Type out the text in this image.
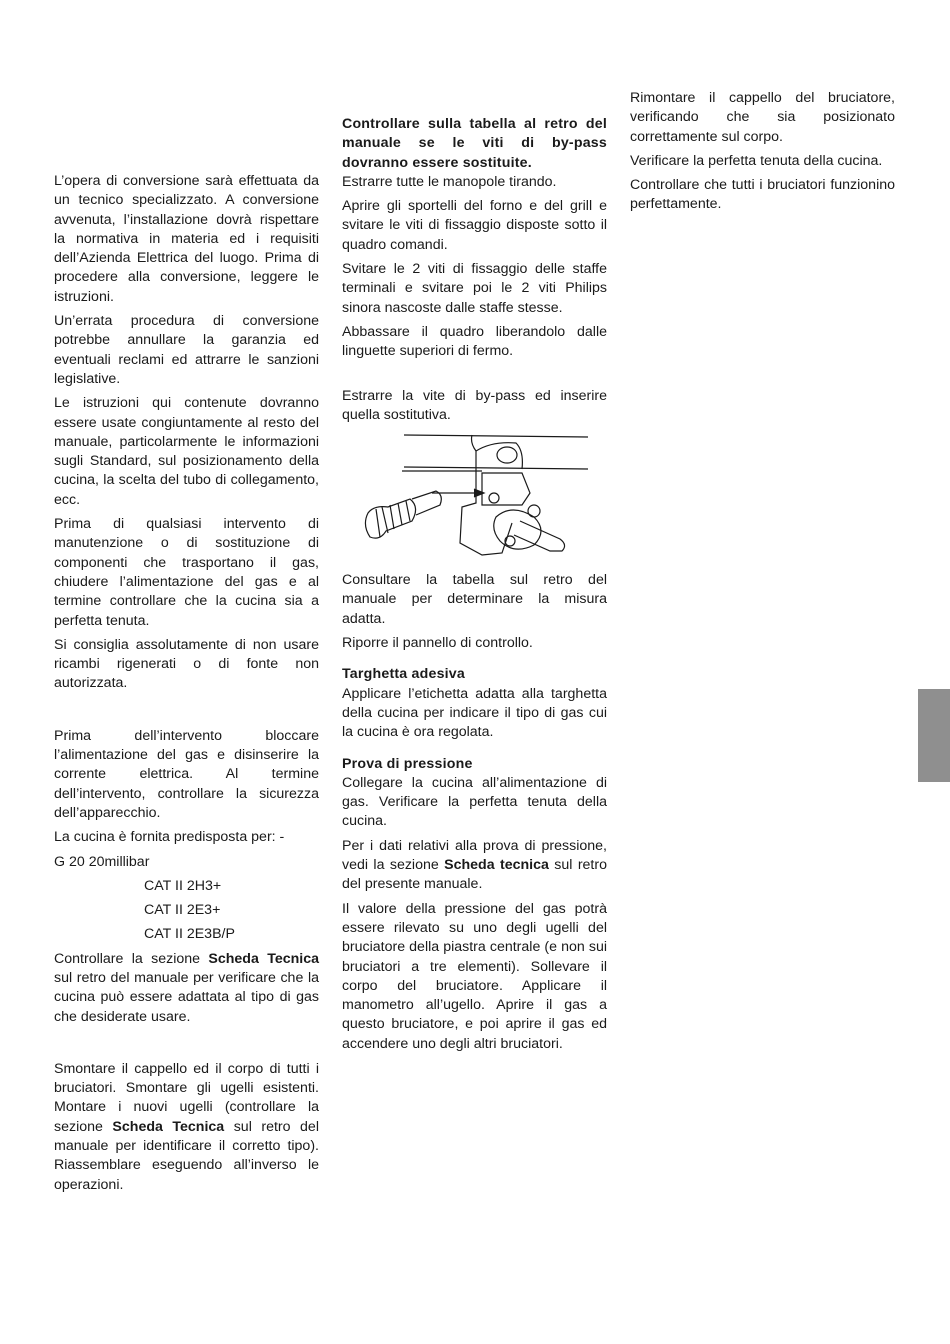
L’opera di conversione sarà effettuata da un tecnico specializzato. A conversione avvenuta, l’installazione dovrà rispettare la normativa in materia ed i requisiti dell’Azienda Elettrica del luogo. Prima di procedere alla conversione, leggere le istruzioni.

Un’errata procedura di conversione potrebbe annullare la garanzia ed eventuali reclami ed attrarre le sanzioni legislative.

Le istruzioni qui contenute dovranno essere usate congiuntamente al resto del manuale, particolarmente le informazioni sugli Standard, sul posizionamento della cucina, la scelta del tubo di collegamento, ecc.

Prima di qualsiasi intervento di manutenzione o di sostituzione di componenti che trasportano il gas, chiudere l’alimentazione del gas e al termine controllare che la cucina sia a perfetta tenuta.

Si consiglia assolutamente di non usare ricambi rigenerati o di fonte non autorizzata.

Prima dell’intervento bloccare l’alimentazione del gas e disinserire la corrente elettrica. Al termine dell’intervento, controllare la sicurezza dell’apparecchio.

La cucina è fornita predisposta per: -

G 20 20millibar

CAT II 2H3+

CAT II 2E3+

CAT II 2E3B/P

Controllare la sezione Scheda Tecnica sul retro del manuale per verificare che la cucina può essere adattata al tipo di gas che desiderate usare.

Smontare il cappello ed il corpo di tutti i bruciatori. Smontare gli ugelli esistenti. Montare i nuovi ugelli (controllare la sezione Scheda Tecnica sul retro del manuale per identificare il corretto tipo). Riassemblare eseguendo all’inverso le operazioni.

Controllare sulla tabella al retro del manuale se le viti di by-pass dovranno essere sostituite.

Estrarre tutte le manopole tirando.

Aprire gli sportelli del forno e del grill e svitare le viti di fissaggio disposte sotto il quadro comandi.

Svitare le 2 viti di fissaggio delle staffe terminali e svitare poi le 2 viti Philips sinora nascoste dalle staffe stesse.

Abbassare il quadro liberandolo dalle linguette superiori di fermo.

Estrarre la vite di by-pass ed inserire quella sostitutiva.

Consultare la tabella sul retro del manuale per determinare la misura adatta.

Riporre il pannello di controllo.

Targhetta adesiva

Applicare l’etichetta adatta alla targhetta della cucina per indicare il tipo di gas cui la cucina è ora regolata.

Prova di pressione

Collegare la cucina all’alimentazione di gas. Verificare la perfetta tenuta della cucina.

Per i dati relativi alla prova di pressione, vedi la sezione Scheda tecnica sul retro del presente manuale.

Il valore della pressione del gas potrà essere rilevato su uno degli ugelli del bruciatore della piastra centrale (e non sui bruciatori a tre elementi). Sollevare il corpo del bruciatore. Applicare il manometro all’ugello. Aprire il gas a questo bruciatore, e poi aprire il gas ed accendere uno degli altri bruciatori.

Rimontare il cappello del bruciatore, verificando che sia posizionato correttamente sul corpo.

Verificare la perfetta tenuta della cucina.

Controllare che tutti i bruciatori funzionino perfettamente.
